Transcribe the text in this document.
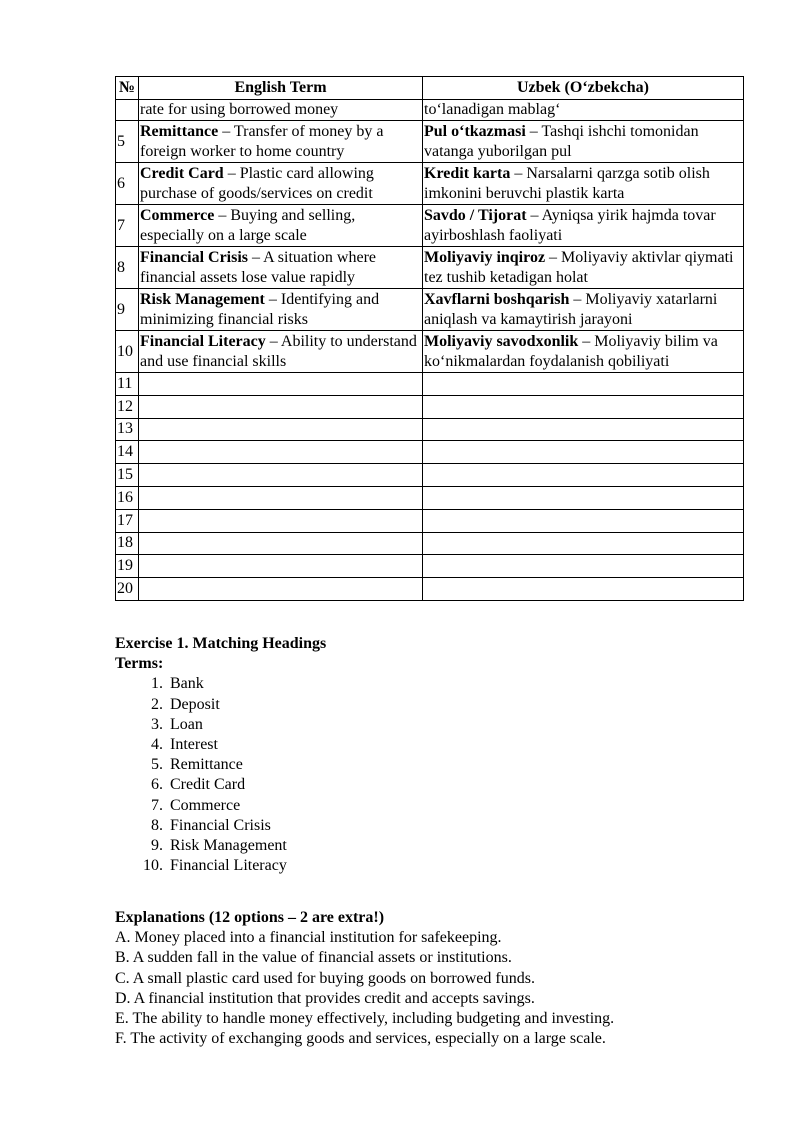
№	English Term	Uzbek (O‘zbekcha)
	rate for using borrowed money	to‘lanadigan mablag‘
5	Remittance – Transfer of money by a foreign worker to home country	Pul o‘tkazmasi – Tashqi ishchi tomonidan vatanga yuborilgan pul
6	Credit Card – Plastic card allowing purchase of goods/services on credit	Kredit karta – Narsalarni qarzga sotib olish imkonini beruvchi plastik karta
7	Commerce – Buying and selling, especially on a large scale	Savdo / Tijorat – Ayniqsa yirik hajmda tovar ayirboshlash faoliyati
8	Financial Crisis – A situation where financial assets lose value rapidly	Moliyaviy inqiroz – Moliyaviy aktivlar qiymati tez tushib ketadigan holat
9	Risk Management – Identifying and minimizing financial risks	Xavflarni boshqarish – Moliyaviy xatarlarni aniqlash va kamaytirish jarayoni
10	Financial Literacy – Ability to understand and use financial skills	Moliyaviy savodxonlik – Moliyaviy bilim va ko‘nikmalardan foydalanish qobiliyati
11		
12		
13		
14		
15		
16		
17		
18		
19		
20		
Exercise 1. Matching Headings
Terms:
1. Bank
2. Deposit
3. Loan
4. Interest
5. Remittance
6. Credit Card
7. Commerce
8. Financial Crisis
9. Risk Management
10. Financial Literacy
Explanations (12 options – 2 are extra!)
A. Money placed into a financial institution for safekeeping.
B. A sudden fall in the value of financial assets or institutions.
C. A small plastic card used for buying goods on borrowed funds.
D. A financial institution that provides credit and accepts savings.
E. The ability to handle money effectively, including budgeting and investing.
F. The activity of exchanging goods and services, especially on a large scale.
